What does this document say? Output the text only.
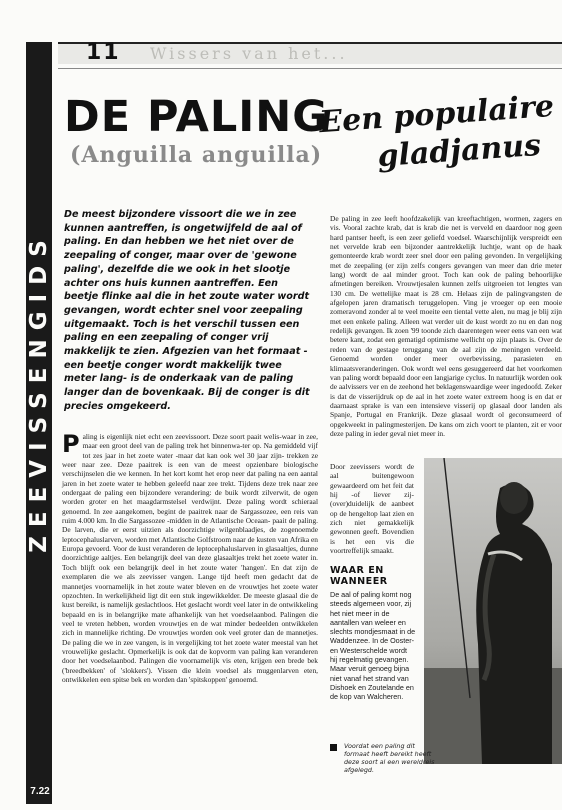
ZEEVISSENGIDS
7.22
11 Wissers van het...
DE PALING
(Anguilla anguilla)
Een populaire
gladjanus
De meest bijzondere vissoort die we in zee kunnen aantreffen, is ongetwijfeld de aal of paling. En dan hebben we het niet over de zeepaling of conger, maar over de 'gewone paling', dezelfde die we ook in het slootje achter ons huis kunnen aantreffen. Een beetje flinke aal die in het zoute water wordt gevangen, wordt echter snel voor zeepaling uitgemaakt. Toch is het verschil tussen een paling en een zeepaling of conger vrij makkelijk te zien. Afgezien van het formaat -een beetje conger wordt makkelijk twee meter lang- is de onderkaak van de paling langer dan de bovenkaak. Bij de conger is dit precies omgekeerd.
P aling is eigenlijk niet echt een zeevissoort. Deze soort paait welis-waar in zee, maar een groot deel van de paling trek het binnenwa-ter op. Na gemiddeld vijf tot zes jaar in het zoete water -maar dat kan ook wel 30 jaar zijn- trekken ze weer naar zee. Deze paaitrek is een van de meest opzienbare biologische verschijnselen die we kennen. In het kort komt het erop neer dat paling na een aantal jaren in het zoete water te hebben geleefd naar zee trekt. Tijdens deze trek naar zee ondergaat de paling een bijzondere verandering: de buik wordt zilverwit, de ogen worden groter en het maagdarmstelsel verdwijnt. Deze paling wordt schieraal genoemd. In zee aangekomen, begint de paaitrek naar de Sargassozee, een reis van ruim 4.000 km. In die Sargassozee -midden in de Atlantische Oceaan- paait de paling. De larven, die er eerst uitzien als doorzichtige wilgenblaadjes, de zogenoemde leptocephaluslarven, worden met Atlantische Golfstroom naar de kusten van Afrika en Europa gevoerd. Voor de kust veranderen de leptocephaluslarven in glasaaltjes, dunne doorzichtige aaltjes. Een belangrijk deel van deze glasaaltjes trekt het zoete water in. Toch blijft ook een belangrijk deel in het zoute water 'hangen'. En dat zijn de exemplaren die we als zeevisser vangen. Lange tijd heeft men gedacht dat de mannetjes voornamelijk in het zoute water bleven en de vrouwtjes het zoete water opzochten. In werkelijkheid ligt dit een stuk ingewikkelder. De meeste glasaal die de kust bereikt, is namelijk geslachtloos. Het geslacht wordt veel later in de ontwikkeling bepaald en is in belangrijke mate afhankelijk van het voedselaanbod. Palingen die veel te vreten hebben, worden vrouwtjes en de wat minder bedeelden ontwikkelen zich in mannelijke richting. De vrouwtjes worden ook veel groter dan de mannetjes. De paling die we in zee vangen, is in vergelijking tot het zoete water meestal van het vrouwelijke geslacht. Opmerkelijk is ook dat de kopvorm van paling kan veranderen door het voedselaanbod. Palingen die voornamelijk vis eten, krijgen een brede bek ('breedbekken' of 'slokkers'). Vissen die klein voedsel als muggenlarven eten, ontwikkelen een spitse bek en worden dan 'spitskoppen' genoemd.
De paling in zee leeft hoofdzakelijk van kreeftachtigen, wormen, zagers en vis. Vooral zachte krab, dat is krab die net is verveld en daardoor nog geen hard pantser heeft, is een zeer geliefd voedsel. Waarschijnlijk verspreidt een net vervelde krab een bijzonder aantrekkelijk luchtje, want op de haak gemonteerde krab wordt zeer snel door een paling gevonden. In vergelijking met de zeepaling (er zijn zelfs congers gevangen van meer dan drie meter lang) wordt de aal minder groot. Toch kan ook de paling behoorlijke afmetingen bereiken. Vrouwtjesalen kunnen zelfs uitgroeien tot lengtes van 130 cm. De wettelijke maat is 28 cm. Helaas zijn de palingvangsten de afgelopen jaren dramatisch teruggelopen. Ving je vroeger op een mooie zomeravond zonder al te veel moeite een tiental vette alen, nu mag je blij zijn met een enkele paling. Alleen wat verder uit de kust wordt zo nu en dan nog redelijk gevangen. Ik zoen '99 toonde zich daarentegen weer eens van een wat betere kant, zodat een gematigd optimisme wellicht op zijn plaats is. Over de reden van de gestage teruggang van de aal zijn de meningen verdeeld. Genoemd worden onder meer overbevissing, parasieten en klimaatsveranderingen. Ook wordt wel eens gesuggereerd dat het voorkomen van paling wordt bepaald door een langjarige cyclus. In natuurlijk worden ook de aalvissers ver en de zeehond het beklagenswaardige weer ingedoofd. Zeker is dat de visserijdruk op de aal in het zoete water extreem hoog is en dat er daarnaast sprake is van een intensieve visserij op glasaal door landen als Spanje, Portugal en Frankrijk. Deze glasaal wordt ol geconsumeerd of opgekweekt in palingmesterijen. De kans om zich voort te planten, zit er voor deze paling in ieder geval niet meer in.
Door zeevissers wordt de aal buitengewoon gewaardeerd om het feit dat hij -of liever zij- (over)duidelijk de aanbeet op de hengeltop laat zien en zich niet gemakkelijk gewonnen geeft. Bovendien is het een vis die voortreffelijk smaakt.
WAAR EN WANNEER
De aal of paling komt nog steeds algemeen voor, zij het niet meer in de aantallen van weleer en slechts mondjesmaat in de Waddenzee. In de Ooster- en Westerschelde wordt hij regelmatig gevangen. Maar veruit genoeg bijna niet vanaf het strand van Dishoek en Zoutelande en de kop van Walcheren.
Voordat een paling dit formaat heeft bereikt heeft deze soort al een wereldreis afgelegd.
